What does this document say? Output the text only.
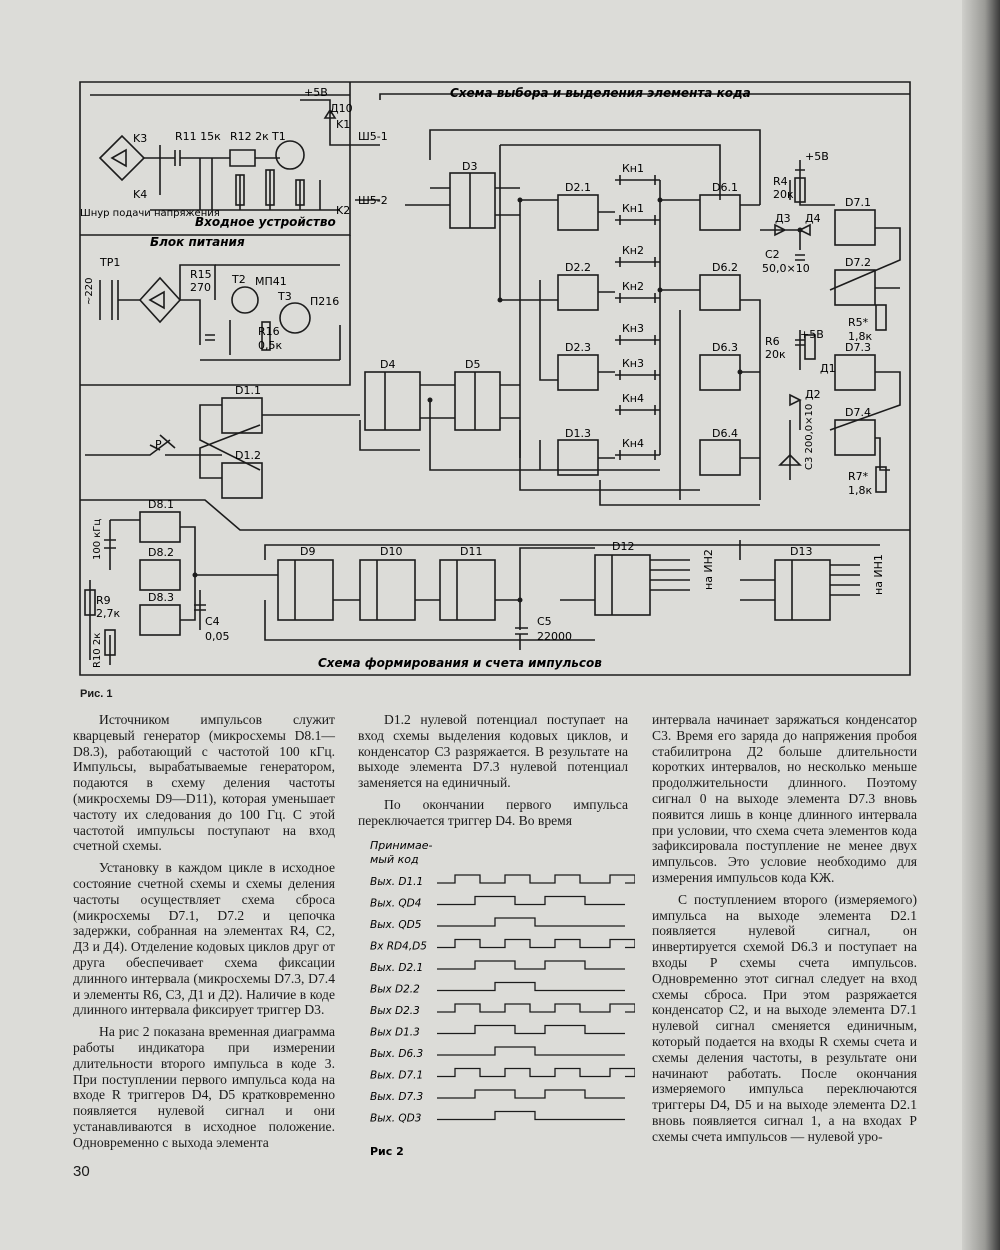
Схема выбора и выделения элемента кода
Входное устройство
Блок питания
Схема формирования и счета импульсов
Шнур подачи напряжения
D3
D2.1
D2.2
D2.3
D1.3
D6.1
D6.2
D6.3
D6.4
D7.1
D7.2
D7.3
D7.4
D4	D5
D1.1
D1.2
D8.1
D8.2
D8.3
D9	D10	D11	D12	D13
Кн1
Кн1
Кн2
Кн2
Кн3
Кн3
Кн4
Кн4
+5В
+5В
+5В
ТР1
МП41
П216
R4
20к
R6
20к
R5*
1,8к
R7*
1,8к
C2
50,0×10
C3 200,0×10
C4
0,05
C5
22000
R9
2,7к
R10 2к
100 кГц
R11 15к R12 2к T1
T2
T3
R15
270
R16
0,5к
Ш5-1
Ш5-2
K1
K2
K3
K4
Д10
Д3 Д4
Д1
Д2
~220
на ИН2	на ИН1
Р
Рис. 1

Источником импульсов служит кварцевый генератор (микросхемы D8.1—D8.3), работающий с частотой 100 кГц. Импульсы, вырабатываемые генератором, подаются в схему деления частоты (микросхемы D9—D11), которая уменьшает частоту их следования до 100 Гц. С этой частотой импульсы поступают на вход счетной схемы.

Установку в каждом цикле в исходное состояние счетной схемы и схемы деления частоты осуществляет схема сброса (микросхемы D7.1, D7.2 и цепочка задержки, собранная на элементах R4, C2, Д3 и Д4). Отделение кодовых циклов друг от друга обеспечивает схема фиксации длинного интервала (микросхемы D7.3, D7.4 и элементы R6, C3, Д1 и Д2). Наличие в коде длинного интервала фиксирует триггер D3.

На рис 2 показана временная диаграмма работы индикатора при измерении длительности второго импульса в коде 3. При поступлении первого импульса кода на входе R триггеров D4, D5 кратковременно появляется нулевой сигнал и они устанавливаются в исходное положение. Одновременно с выхода элемента

D1.2 нулевой потенциал поступает на вход схемы выделения кодовых циклов, и конденсатор C3 разряжается. В результате на выходе элемента D7.3 нулевой потенциал заменяется на единичный.

По окончании первого импульса переключается триггер D4. Во время

Принимае-
мый код
Вых. D1.1
Вых. QD4
Вых. QD5
Вх RD4,D5
Вых. D2.1
Вых D2.2
Вых D2.3
Вых D1.3
Вых. D6.3
Вых. D7.1
Вых. D7.3
Вых. QD3
Рис 2

интервала начинает заряжаться конденсатор C3. Время его заряда до напряжения пробоя стабилитрона Д2 больше длительности коротких интервалов, но несколько меньше продолжительности длинного. Поэтому сигнал 0 на выходе элемента D7.3 вновь появится лишь в конце длинного интервала при условии, что схема счета элементов кода зафиксировала поступление не менее двух импульсов. Это условие необходимо для измерения импульсов кода КЖ.

С поступлением второго (измеряемого) импульса на выходе элемента D2.1 появляется нулевой сигнал, он инвертируется схемой D6.3 и поступает на входы P схемы счета импульсов. Одновременно этот сигнал следует на вход схемы сброса. При этом разряжается конденсатор C2, и на выходе элемента D7.1 нулевой сигнал сменяется единичным, который подается на входы R схемы счета и схемы деления частоты, в результате они начинают работать. После окончания измеряемого импульса переключаются триггеры D4, D5 и на выходе элемента D2.1 вновь появляется сигнал 1, а на входах P схемы счета импульсов — нулевой уро-

30
